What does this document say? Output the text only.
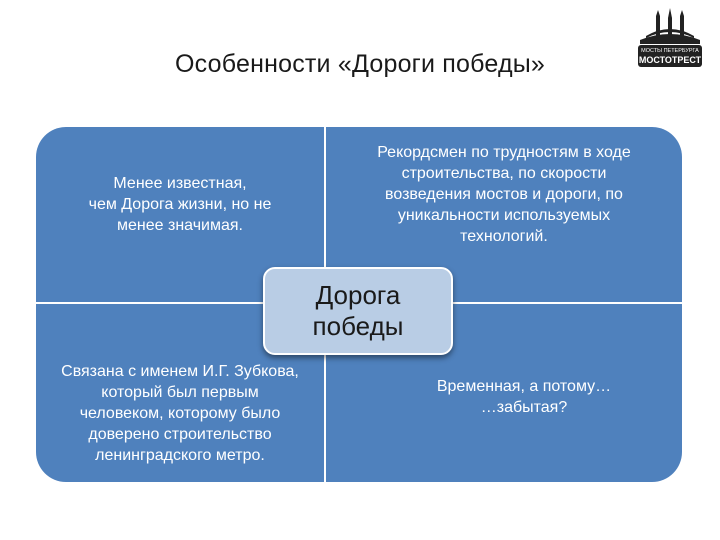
Особенности «Дороги победы»	МОСТЫ ПЕТЕРБУРГА
МОСТОТРЕСТ
Менее известная,
чем Дорога жизни, но не
менее значимая.
Рекордсмен по трудностям в ходе
строительства, по скорости
возведения мостов и дороги, по
уникальности используемых
технологий.
Связана с именем И.Г. Зубкова,
который был первым
человеком, которому было
доверено строительство
ленинградского метро.
Временная, а потому…
…забытая?
Дорога
победы
